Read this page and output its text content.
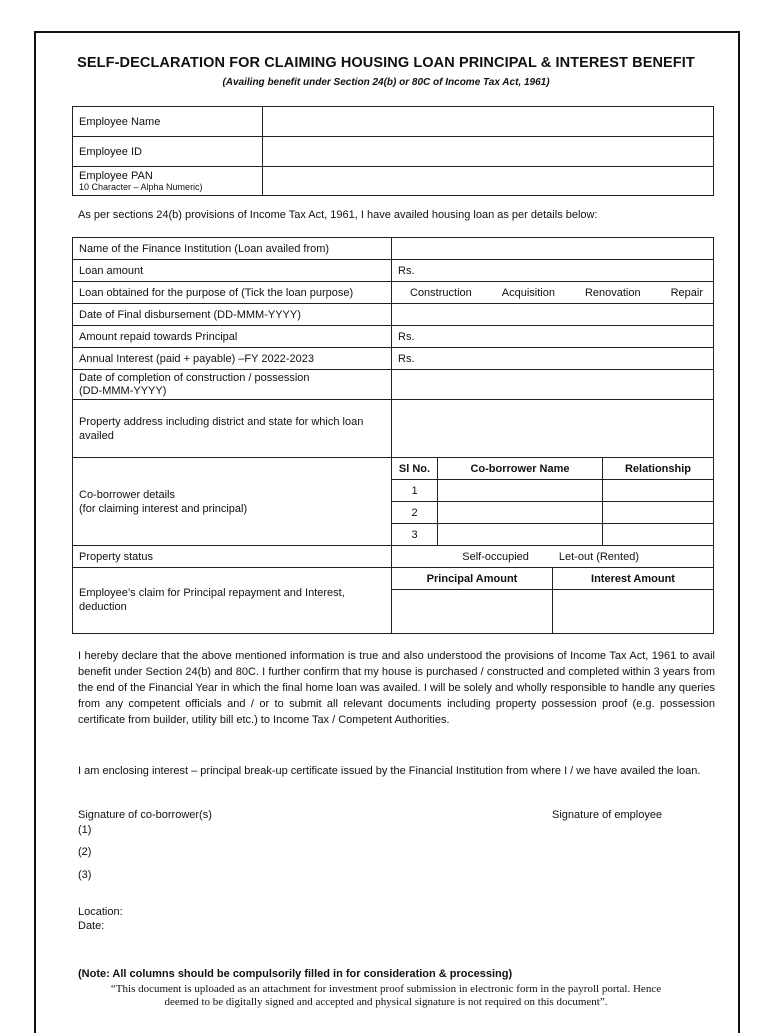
SELF-DECLARATION FOR CLAIMING HOUSING LOAN PRINCIPAL & INTEREST BENEFIT
(Availing benefit under Section 24(b) or 80C of Income Tax Act, 1961)
Employee Name	
Employee ID	
Employee PAN
10 Character – Alpha Numeric)	

As per sections 24(b) provisions of Income Tax Act, 1961, I have availed housing loan as per details below:
Name of the Finance Institution (Loan availed from)	
Loan amount	Rs.
Loan obtained for the purpose of (Tick the loan purpose)	Construction	Acquisition	Renovation	Repair

Date of Final disbursement (DD-MMM-YYYY)	
Amount repaid towards Principal	Rs.
Annual Interest (paid + payable) –FY 2022-2023	Rs.
Date of completion of construction / possession
(DD-MMM-YYYY)	
Property address including district and state for which loan availed	
Co-borrower details
(for claiming interest and principal)	
Sl No.	Co-borrower Name	Relationship
1		
2		
3		

Property status	Self-occupied	Let-out (Rented)

Employee’s claim for Principal repayment and Interest, deduction	
Principal Amount	Interest Amount

I hereby declare that the above mentioned information is true and also understood the provisions of Income Tax Act, 1961 to avail benefit under Section 24(b) and 80C. I further confirm that my house is purchased / constructed and completed within 3 years from the end of the Financial Year in which the final home loan was availed. I will be solely and wholly responsible to handle any queries from any competent officials and / or to submit all relevant documents including property possession proof (e.g. possession certificate from builder, utility bill etc.) to Income Tax / Competent Authorities.
I am enclosing interest – principal break-up certificate issued by the Financial Institution from where I / we have availed the loan.
Signature of co-borrower(s)	Signature of employee
(1)
(2)
(3)
Location:
Date:
(Note: All columns should be compulsorily filled in for consideration & processing)
“This document is uploaded as an attachment for investment proof submission in electronic form in the payroll portal. Hence
deemed to be digitally signed and accepted and physical signature is not required on this document”.
